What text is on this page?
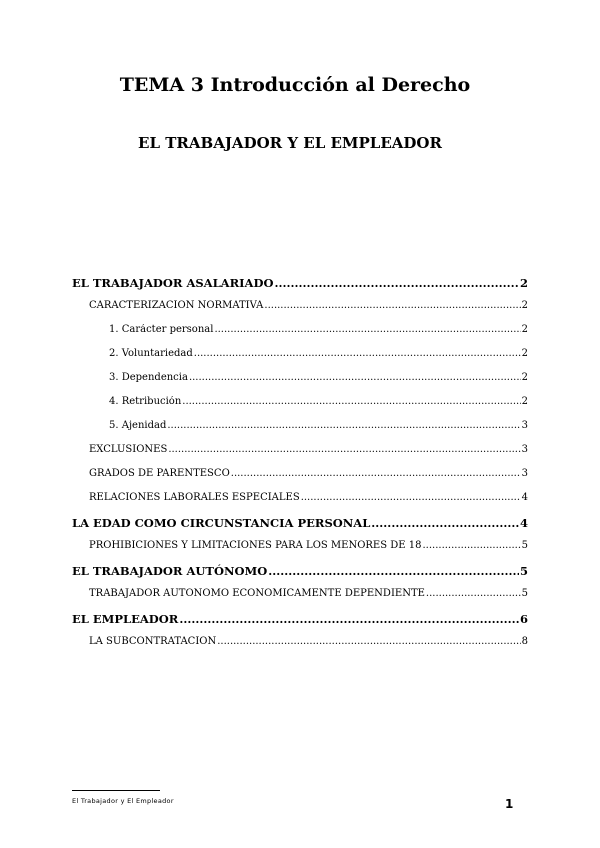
TEMA 3 Introducción al Derecho
EL TRABAJADOR Y EL EMPLEADOR
EL TRABAJADOR ASALARIADO .....	2
CARACTERIZACIÓN NORMATIVA .....	2
1. Carácter personal .....	2
2. Voluntariedad .....	2
3. Dependencia .....	2
4. Retribución .....	2
5. Ajenidad .....	3
EXCLUSIONES .....	3
GRADOS DE PARENTESCO .....	3
RELACIONES LABORALES ESPECIALES .....	4
LA EDAD COMO CIRCUNSTANCIA PERSONAL .....	4
PROHIBICIONES Y LIMITACIONES PARA LOS MENORES DE 18 .....	5
EL TRABAJADOR AUTÓNOMO .....	5
TRABAJADOR AUTÓNOMO ECONÓMICAMENTE DEPENDIENTE .....	5
EL EMPLEADOR .....	6
LA SUBCONTRATACIÓN .....	8
El Trabajador y El Empleador	1
